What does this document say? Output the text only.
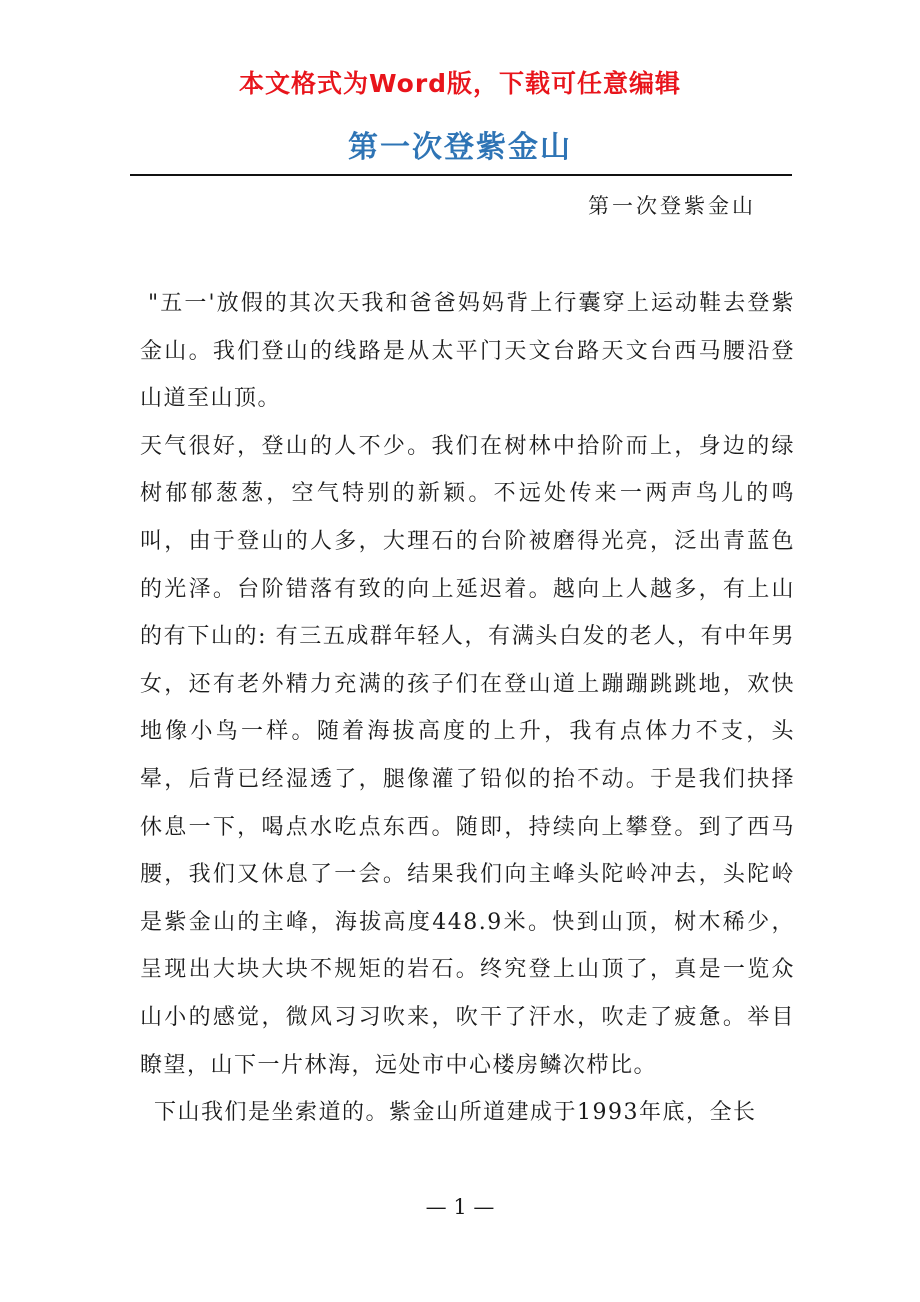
本文格式为Word版，下载可任意编辑
第一次登紫金山
第一次登紫金山

"五一'放假的其次天我和爸爸妈妈背上行囊穿上运动鞋去登紫金山。我们登山的线路是从太平门天文台路天文台西马腰沿登山道至山顶。

天气很好，登山的人不少。我们在树林中拾阶而上，身边的绿树郁郁葱葱，空气特别的新颖。不远处传来一两声鸟儿的鸣叫，由于登山的人多，大理石的台阶被磨得光亮，泛出青蓝色的光泽。台阶错落有致的向上延迟着。越向上人越多，有上山的有下山的: 有三五成群年轻人，有满头白发的老人，有中年男女，还有老外精力充满的孩子们在登山道上蹦蹦跳跳地，欢快地像小鸟一样。随着海拔高度的上升，我有点体力不支，头晕，后背已经湿透了，腿像灌了铅似的抬不动。于是我们抉择休息一下，喝点水吃点东西。随即，持续向上攀登。到了西马腰，我们又休息了一会。结果我们向主峰头陀岭冲去，头陀岭是紫金山的主峰，海拔高度448.9米。快到山顶，树木稀少，呈现出大块大块不规矩的岩石。终究登上山顶了，真是一览众山小的感觉，微风习习吹来，吹干了汗水，吹走了疲惫。举目瞭望，山下一片林海，远处市中心楼房鳞次栉比。

下山我们是坐索道的。紫金山所道建成于1993年底，全长

— 1 —
